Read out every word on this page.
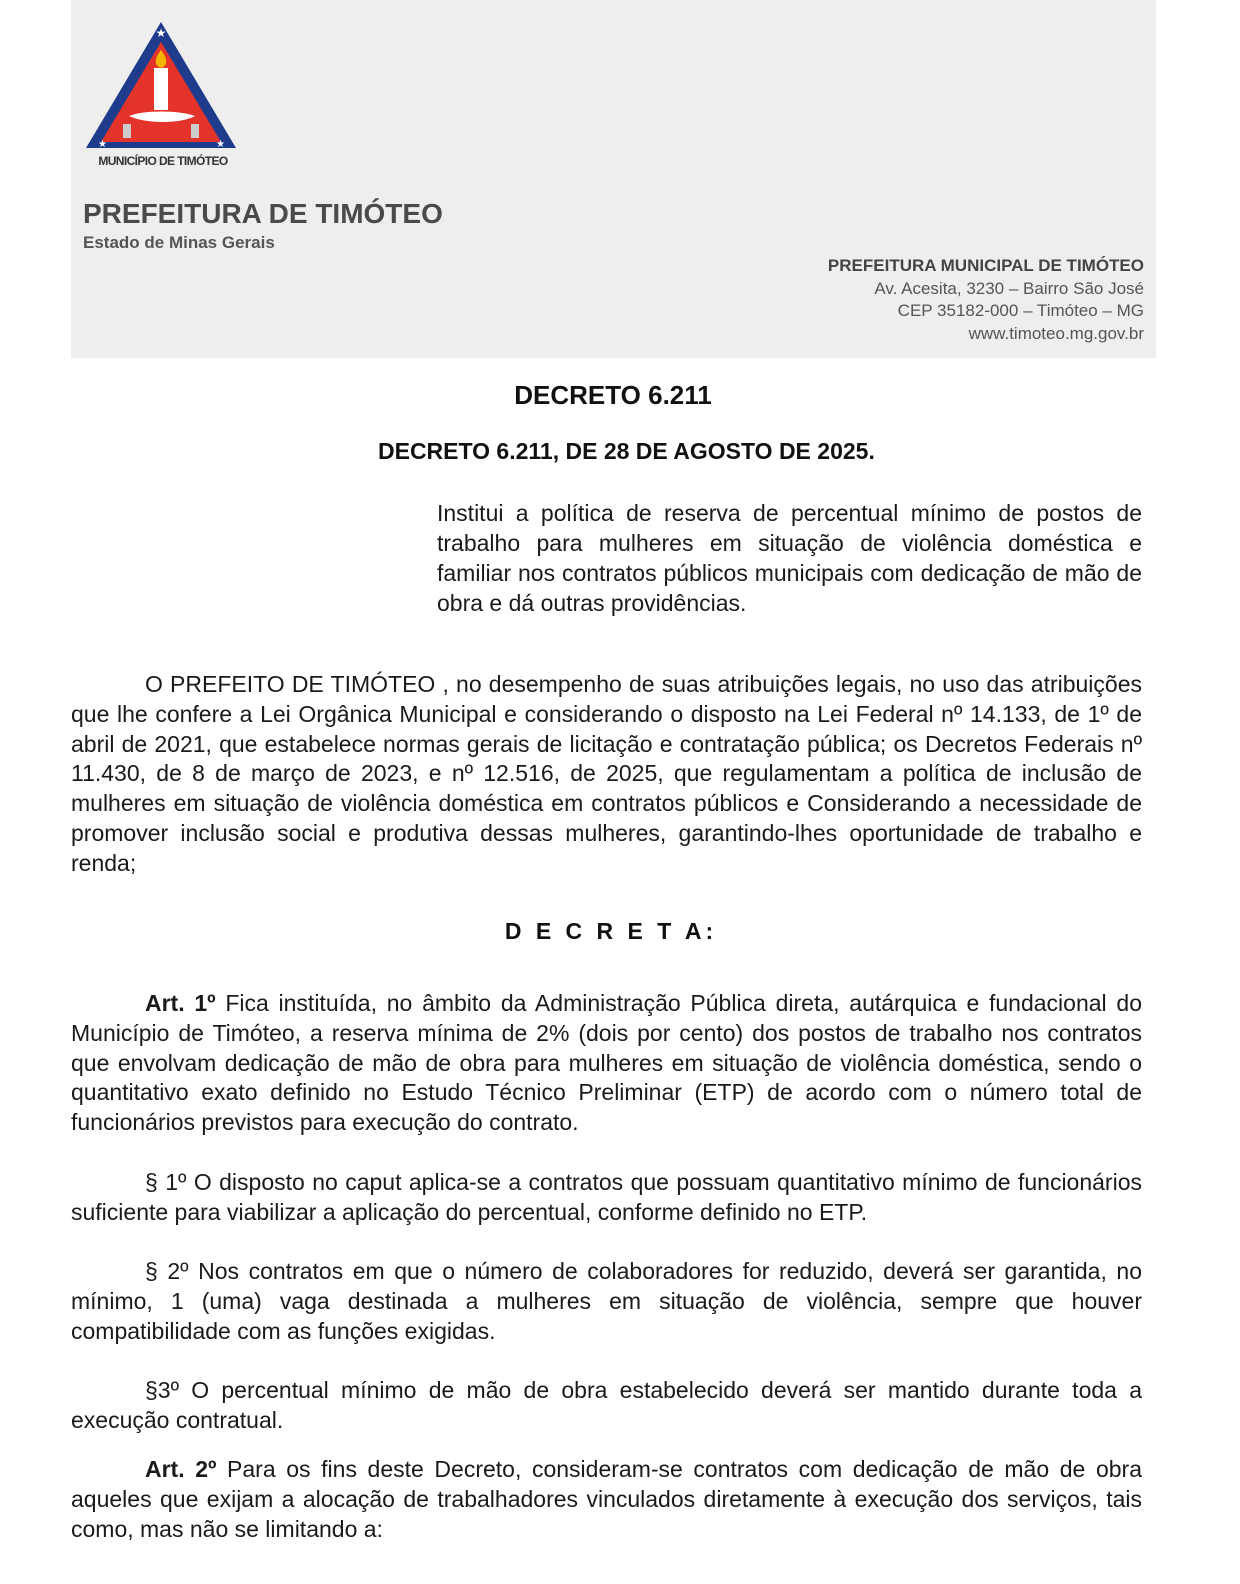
★
★	★
MUNICÍPIO DE TIMÓTEO
PREFEITURA DE TIMÓTEO
Estado de Minas Gerais
PREFEITURA MUNICIPAL DE TIMÓTEO
Av. Acesita, 3230 – Bairro São José
CEP 35182-000 – Timóteo – MG
www.timoteo.mg.gov.br
DECRETO 6.211
DECRETO 6.211, DE 28 DE AGOSTO DE 2025.
Institui a política de reserva de percentual mínimo de postos de trabalho para mulheres em situação de violência doméstica e familiar nos contratos públicos municipais com dedicação de mão de obra e dá outras providências.
O PREFEITO DE TIMÓTEO , no desempenho de suas atribuições legais, no uso das atribuições que lhe confere a Lei Orgânica Municipal e considerando o disposto na Lei Federal nº 14.133, de 1º de abril de 2021, que estabelece normas gerais de licitação e contratação pública; os Decretos Federais nº 11.430, de 8 de março de 2023, e nº 12.516, de 2025, que regulamentam a política de inclusão de mulheres em situação de violência doméstica em contratos públicos e Considerando a necessidade de promover inclusão social e produtiva dessas mulheres, garantindo-lhes oportunidade de trabalho e renda;
D E C R E T A:
Art. 1º Fica instituída, no âmbito da Administração Pública direta, autárquica e fundacional do Município de Timóteo, a reserva mínima de 2% (dois por cento) dos postos de trabalho nos contratos que envolvam dedicação de mão de obra para mulheres em situação de violência doméstica, sendo o quantitativo exato definido no Estudo Técnico Preliminar (ETP) de acordo com o número total de funcionários previstos para execução do contrato.
§ 1º O disposto no caput aplica-se a contratos que possuam quantitativo mínimo de funcionários suficiente para viabilizar a aplicação do percentual, conforme definido no ETP.
§ 2º Nos contratos em que o número de colaboradores for reduzido, deverá ser garantida, no mínimo, 1 (uma) vaga destinada a mulheres em situação de violência, sempre que houver compatibilidade com as funções exigidas.
§3º O percentual mínimo de mão de obra estabelecido deverá ser mantido durante toda a execução contratual.
Art. 2º Para os fins deste Decreto, consideram-se contratos com dedicação de mão de obra aqueles que exijam a alocação de trabalhadores vinculados diretamente à execução dos serviços, tais como, mas não se limitando a:
